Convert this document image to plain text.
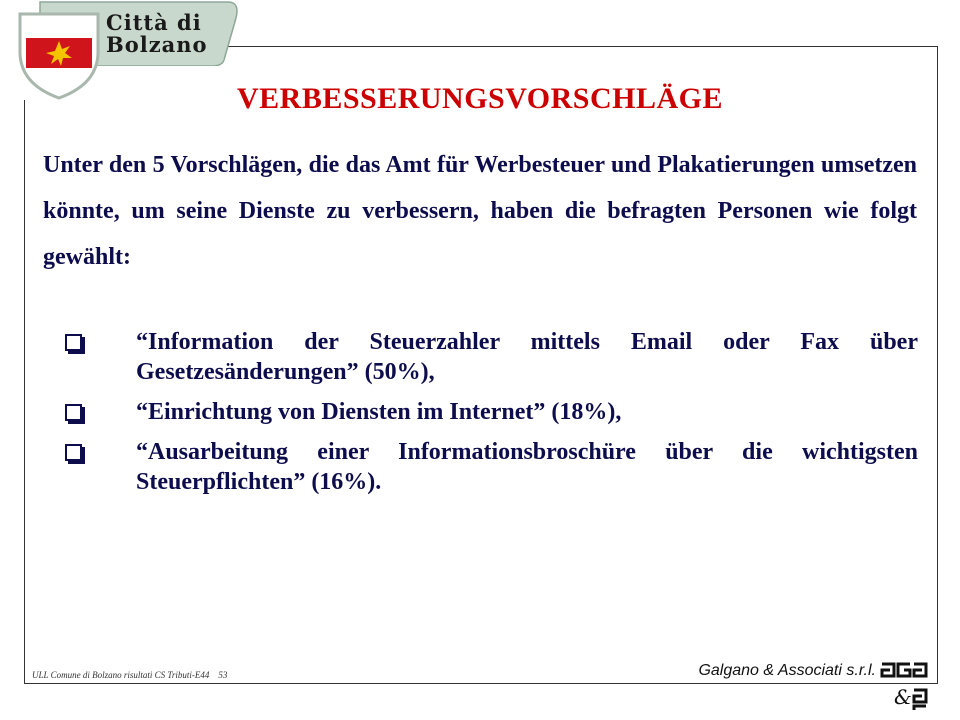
Città di
Bolzano
VERBESSERUNGSVORSCHLÄGE
Unter den 5 Vorschlägen, die das Amt für Werbesteuer und Plakatierungen umsetzen könnte, um seine Dienste zu verbessern, haben die befragten Personen wie folgt gewählt:
“Information der Steuerzahler mittels Email oder Fax über Gesetzesänderungen” (50%),
“Einrichtung von Diensten im Internet” (18%),
“Ausarbeitung einer Informationsbroschüre über die wichtigsten Steuerpflichten” (16%).
ULL Comune di Bolzano risultati CS Tributi-E44 53	Galgano & Associati s.r.l.
&
